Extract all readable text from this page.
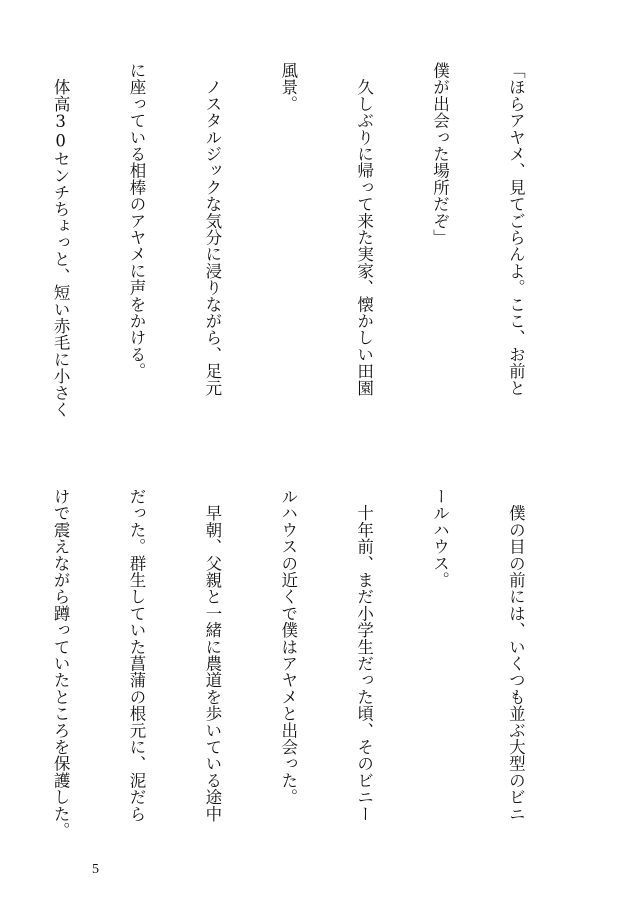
「ほらアヤメ、見てごらんよ。ここ、お前と

僕が出会った場所だぞ」

　久しぶりに帰って来た実家、懐かしい田園

風景。

　ノスタルジックな気分に浸りながら、足元

に座っている相棒のアヤメに声をかける。

　体高30センチちょっと、短い赤毛に小さく

　僕の目の前には、いくつも並ぶ大型のビニ

ールハウス。

　十年前、まだ小学生だった頃、そのビニー

ルハウスの近くで僕はアヤメと出会った。

　早朝、父親と一緒に農道を歩いている途中

だった。群生していた菖蒲の根元に、泥だら

けで震えながら蹲っていたところを保護した。

5
